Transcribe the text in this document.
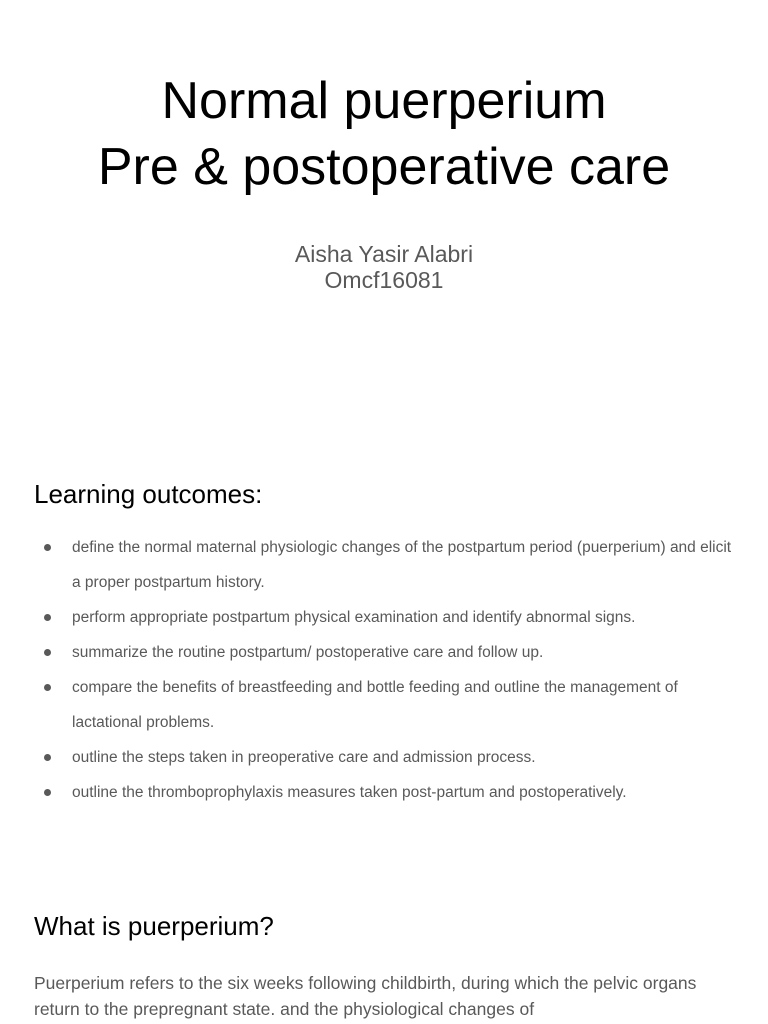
Normal puerperium
Pre & postoperative care
Aisha Yasir Alabri
Omcf16081
Learning outcomes:
define the normal maternal physiologic changes of the postpartum period (puerperium) and elicit a proper postpartum history.
perform appropriate postpartum physical examination and identify abnormal signs.
summarize the routine postpartum/ postoperative care and follow up.
compare the benefits of breastfeeding and bottle feeding and outline the management of lactational problems.
outline the steps taken in preoperative care and admission process.
outline the thromboprophylaxis measures taken post-partum and postoperatively.
What is puerperium?

Puerperium refers to the six weeks following childbirth, during which the pelvic organs return to the prepregnant state. and the physiological changes of
